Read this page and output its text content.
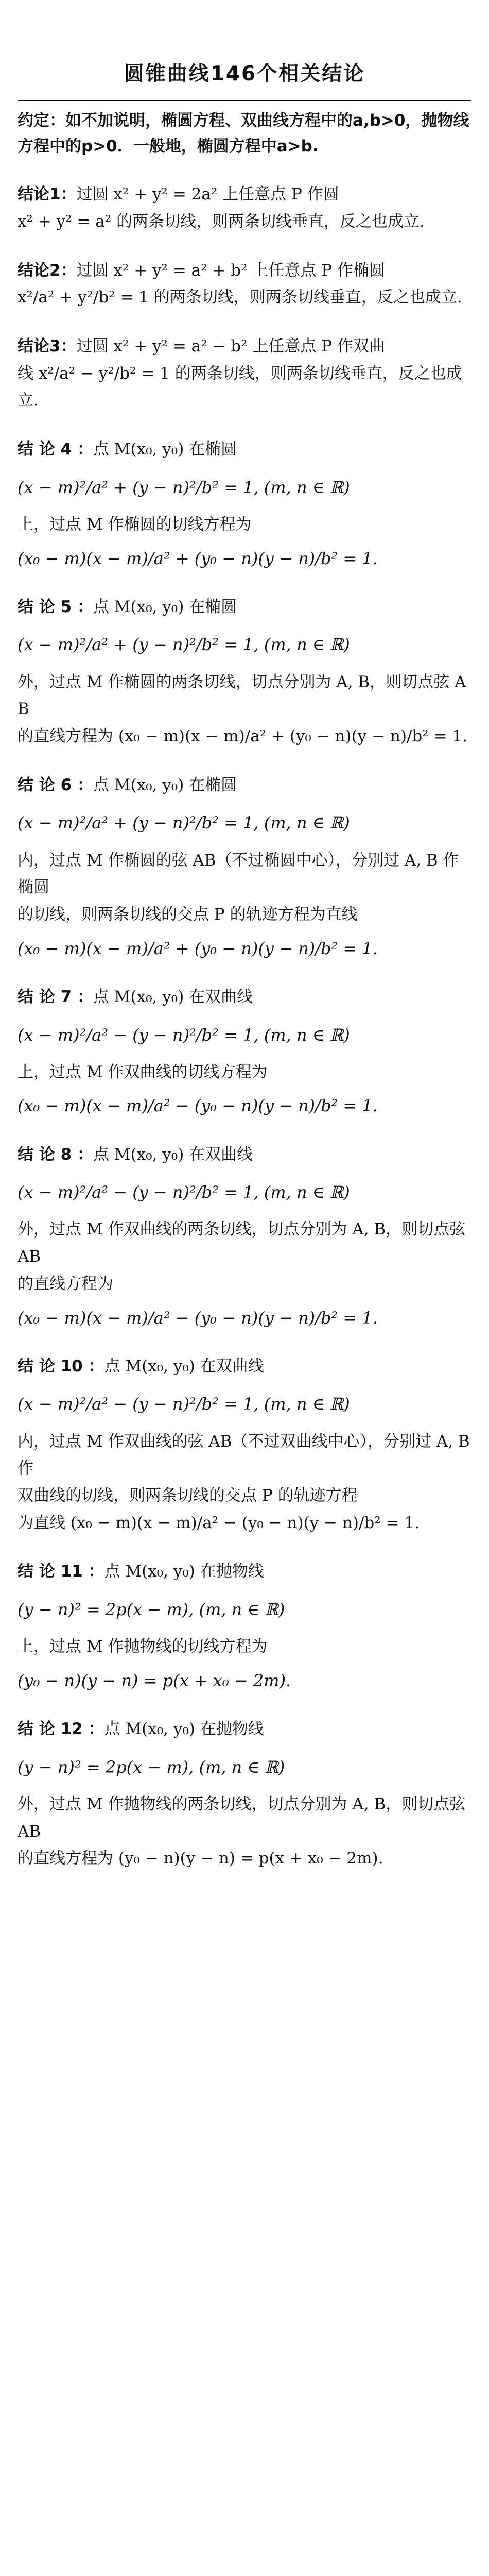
圆锥曲线146个相关结论
约定：如不加说明，椭圆方程、双曲线方程中的a,b>0，抛物线方程中的p>0．一般地，椭圆方程中a>b.
结论1：过圆 x² + y² = 2a² 上任意点 P 作圆
x² + y² = a² 的两条切线，则两条切线垂直，反之也成立.
结论2：过圆 x² + y² = a² + b² 上任意点 P 作椭圆
x²/a² + y²/b² = 1 的两条切线，则两条切线垂直，反之也成立.
结论3：过圆 x² + y² = a² − b² 上任意点 P 作双曲
线 x²/a² − y²/b² = 1 的两条切线，则两条切线垂直，反之也成立.
结 论 4 ：点 M(x₀, y₀) 在椭圆
(x − m)²/a² + (y − n)²/b² = 1, (m, n ∈ ℝ)
上，过点 M 作椭圆的切线方程为
(x₀ − m)(x − m)/a² + (y₀ − n)(y − n)/b² = 1.
结 论 5 ：点 M(x₀, y₀) 在椭圆
(x − m)²/a² + (y − n)²/b² = 1, (m, n ∈ ℝ)
外，过点 M 作椭圆的两条切线，切点分别为 A, B，则切点弦 AB
的直线方程为 (x₀ − m)(x − m)/a² + (y₀ − n)(y − n)/b² = 1.
结 论 6 ：点 M(x₀, y₀) 在椭圆
(x − m)²/a² + (y − n)²/b² = 1, (m, n ∈ ℝ)
内，过点 M 作椭圆的弦 AB（不过椭圆中心），分别过 A, B 作椭圆
的切线，则两条切线的交点 P 的轨迹方程为直线
(x₀ − m)(x − m)/a² + (y₀ − n)(y − n)/b² = 1.
结 论 7 ：点 M(x₀, y₀) 在双曲线
(x − m)²/a² − (y − n)²/b² = 1, (m, n ∈ ℝ)
上，过点 M 作双曲线的切线方程为
(x₀ − m)(x − m)/a² − (y₀ − n)(y − n)/b² = 1.
结 论 8 ：点 M(x₀, y₀) 在双曲线
(x − m)²/a² − (y − n)²/b² = 1, (m, n ∈ ℝ)
外，过点 M 作双曲线的两条切线，切点分别为 A, B，则切点弦 AB
的直线方程为
(x₀ − m)(x − m)/a² − (y₀ − n)(y − n)/b² = 1.
结 论 10 ：点 M(x₀, y₀) 在双曲线
(x − m)²/a² − (y − n)²/b² = 1, (m, n ∈ ℝ)
内，过点 M 作双曲线的弦 AB（不过双曲线中心），分别过 A, B 作
双曲线的切线，则两条切线的交点 P 的轨迹方程
为直线 (x₀ − m)(x − m)/a² − (y₀ − n)(y − n)/b² = 1.
结 论 11 ：点 M(x₀, y₀) 在抛物线
(y − n)² = 2p(x − m), (m, n ∈ ℝ)
上，过点 M 作抛物线的切线方程为
(y₀ − n)(y − n) = p(x + x₀ − 2m).
结 论 12 ：点 M(x₀, y₀) 在抛物线
(y − n)² = 2p(x − m), (m, n ∈ ℝ)
外，过点 M 作抛物线的两条切线，切点分别为 A, B，则切点弦 AB
的直线方程为 (y₀ − n)(y − n) = p(x + x₀ − 2m).
